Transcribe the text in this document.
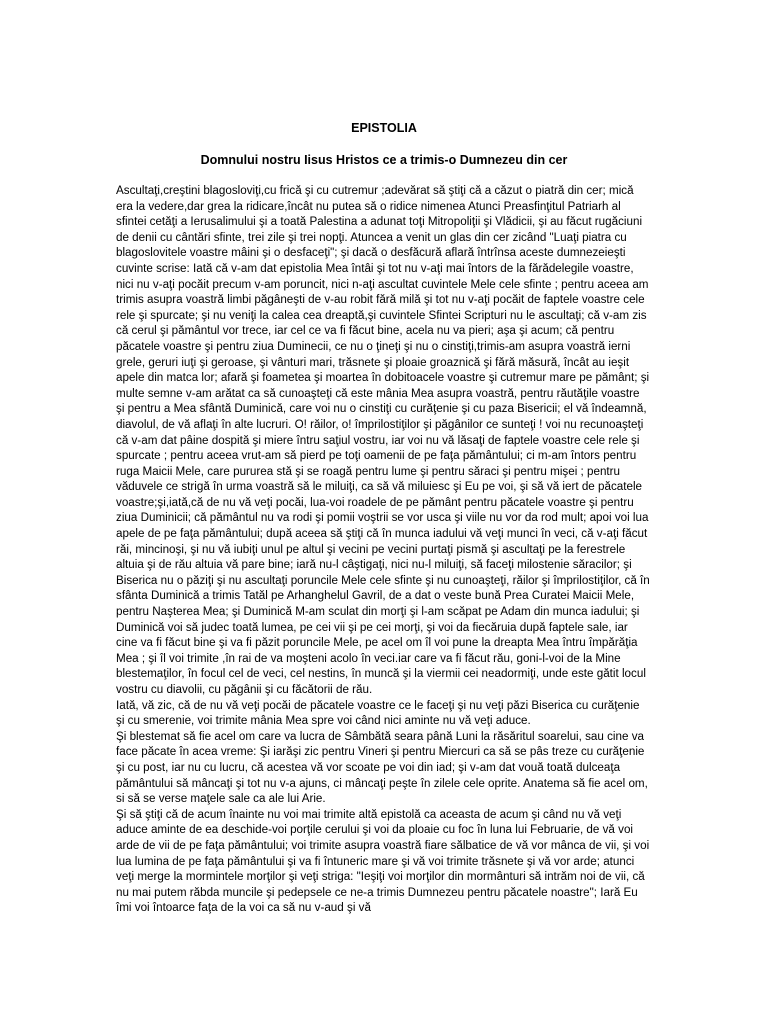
EPISTOLIA

Domnului nostru Iisus Hristos ce a trimis-o Dumnezeu din cer

Ascultaţi,creştini blagosloviţi,cu frică şi cu cutremur ;adevărat să ştiţi că a căzut o piatră din cer; mică era la vedere,dar grea la ridicare,încât nu putea să o ridice nimenea Atunci Preasfinţitul Patriarh al sfintei cetăţi a Ierusalimului şi a toată Palestina a adunat toţi Mitropoliţii şi Vlădicii, şi au făcut rugăciuni de denii cu cântări sfinte, trei zile şi trei nopţi. Atuncea a venit un glas din cer zicând "Luaţi piatra cu blagoslovitele voastre mâini şi o desfaceţi"; şi dacă o desfăcură aflară întrînsa aceste dumnezeieşti cuvinte scrise: Iată că v-am dat epistolia Mea întâi şi tot nu v-aţi mai întors de la fărădelegile voastre, nici nu v-aţi pocăit precum v-am poruncit, nici n-aţi ascultat cuvintele Mele cele sfinte ; pentru aceea am trimis asupra voastră limbi păgâneşti de v-au robit fără milă şi tot nu v-aţi pocăit de faptele voastre cele rele şi spurcate; şi nu veniţi la calea cea dreaptă,şi cuvintele Sfintei Scripturi nu le ascultaţi; că v-am zis că cerul şi pământul vor trece, iar cel ce va fi făcut bine, acela nu va pieri; aşa şi acum; că pentru păcatele voastre şi pentru ziua Duminecii, ce nu o ţineţi şi nu o cinstiţi,trimis-am asupra voastră ierni grele, geruri iuţi şi geroase, şi vânturi mari, trăsnete şi ploaie groaznică şi fără măsură, încât au ieşit apele din matca lor; afară şi foametea şi moartea în dobitoacele voastre şi cutremur mare pe pământ; şi multe semne v-am arătat ca să cunoaşteţi că este mânia Mea asupra voastră, pentru răutăţile voastre şi pentru a Mea sfântă Duminică, care voi nu o cinstiţi cu curăţenie şi cu paza Bisericii; el vă îndeamnă, diavolul, de vă aflaţi în alte lucruri. O! răilor, o! împrilostiţilor şi păgânilor ce sunteţi ! voi nu recunoaşteţi că v-am dat pâine dospită şi miere întru saţiul vostru, iar voi nu vă lăsaţi de faptele voastre cele rele şi spurcate ; pentru aceea vrut-am să pierd pe toţi oamenii de pe faţa pământului; ci m-am întors pentru ruga Maicii Mele, care pururea stă şi se roagă pentru lume şi pentru săraci şi pentru mişei ; pentru văduvele ce strigă în urma voastră să le miluiţi, ca să vă miluiesc şi Eu pe voi, şi să vă iert de păcatele voastre;şi,iată,că de nu vă veţi pocăi, lua-voi roadele de pe pământ pentru păcatele voastre şi pentru ziua Duminicii; că pământul nu va rodi şi pomii voştrii se vor usca şi viile nu vor da rod mult; apoi voi lua apele de pe faţa pământului; după aceea să ştiţi că în munca iadului vă veţi munci în veci, că v-aţi făcut răi, mincinoşi, şi nu vă iubiţi unul pe altul şi vecini pe vecini purtaţi pismă şi ascultaţi pe la ferestrele altuia şi de rău altuia vă pare bine; iară nu-l câştigaţi, nici nu-l miluiţi, să faceţi milostenie săracilor; şi Biserica nu o păziţi şi nu ascultaţi poruncile Mele cele sfinte şi nu cunoaşteţi, răilor şi împrilostiţilor, că în sfânta Duminică a trimis Tatăl pe Arhanghelul Gavril, de a dat o veste bună Prea Curatei Maicii Mele, pentru Naşterea Mea; şi Duminică M-am sculat din morţi şi l-am scăpat pe Adam din munca iadului; şi Duminică voi să judec toată lumea, pe cei vii şi pe cei morţi, şi voi da fiecăruia după faptele sale, iar cine va fi făcut bine şi va fi păzit poruncile Mele, pe acel om îl voi pune la dreapta Mea întru împărăţia Mea ; şi îl voi trimite ,în rai de va moşteni acolo în veci.iar care va fi făcut rău, goni-l-voi de la Mine blestemaţilor, în focul cel de veci, cel nestins, în muncă şi la viermii cei neadormiţi, unde este gătit locul vostru cu diavolii, cu păgânii şi cu făcătorii de rău.

Iată, vă zic, că de nu vă veţi pocăi de păcatele voastre ce le faceţi şi nu veţi păzi Biserica cu curăţenie şi cu smerenie, voi trimite mânia Mea spre voi când nici aminte nu vă veţi aduce.

Şi blestemat să fie acel om care va lucra de Sâmbătă seara până Luni la răsăritul soarelui, sau cine va face păcate în acea vreme: Şi iarăşi zic pentru Vineri şi pentru Miercuri ca să se pâs treze cu curăţenie şi cu post, iar nu cu lucru, că acestea vă vor scoate pe voi din iad; şi v-am dat vouă toată dulceaţa pământului să mâncaţi şi tot nu v-a ajuns, ci mâncaţi peşte în zilele cele oprite. Anatema să fie acel om, si să se verse maţele sale ca ale lui Arie.

Şi să ştiţi că de acum înainte nu voi mai trimite altă epistolă ca aceasta de acum şi când nu vă veţi aduce aminte de ea deschide-voi porţile cerului şi voi da ploaie cu foc în luna lui Februarie, de vă voi arde de vii de pe faţa pământului; voi trimite asupra voastră fiare sălbatice de vă vor mânca de vii, şi voi lua lumina de pe faţa pământului şi va fi întuneric mare şi vă voi trimite trăsnete şi vă vor arde; atunci veţi merge la mormintele morţilor şi veţi striga: "Ieşiţi voi morţilor din mormânturi să intrăm noi de vii, că nu mai putem răbda muncile şi pedepsele ce ne-a trimis Dumnezeu pentru păcatele noastre"; Iară Eu îmi voi întoarce faţa de la voi ca să nu v-aud şi vă
